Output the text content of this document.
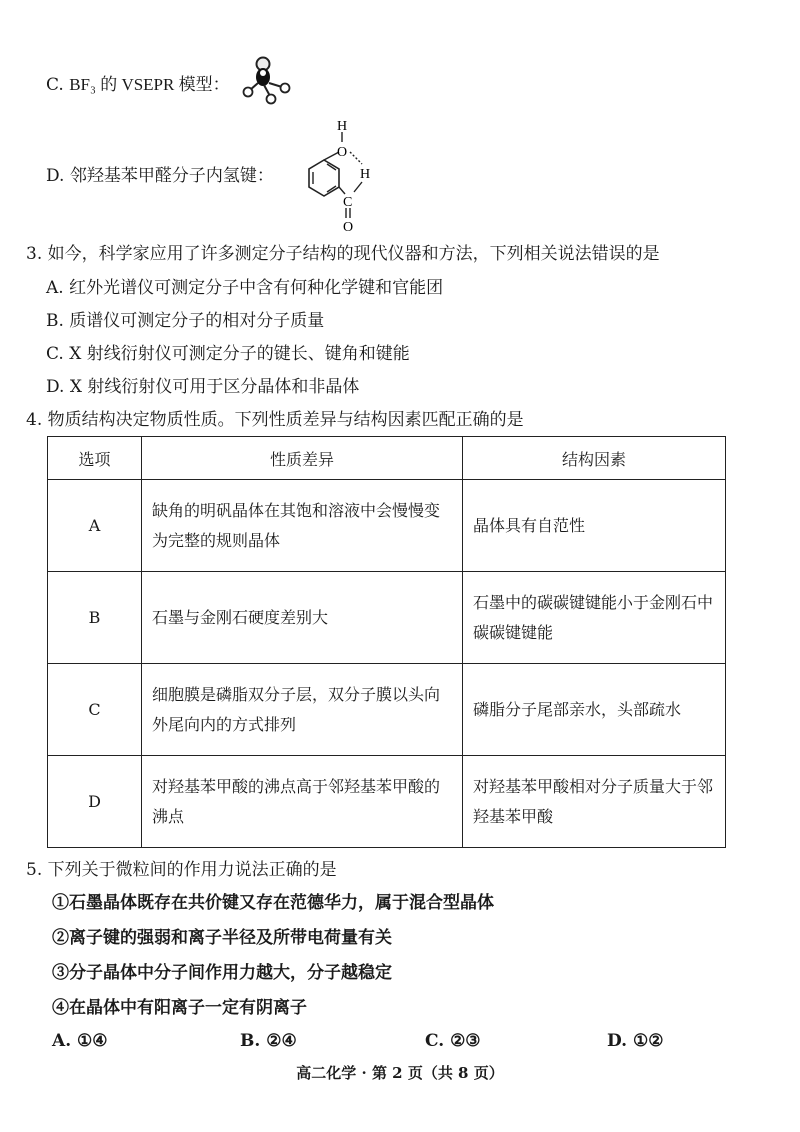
C. BF₃ 的 VSEPR 模型：
D. 邻羟基苯甲醛分子内氢键：
O
H
C
H
O
3. 如今，科学家应用了许多测定分子结构的现代仪器和方法，下列相关说法错误的是
A. 红外光谱仪可测定分子中含有何种化学键和官能团
B. 质谱仪可测定分子的相对分子质量
C. X 射线衍射仪可测定分子的键长、键角和键能
D. X 射线衍射仪可用于区分晶体和非晶体
4. 物质结构决定物质性质。下列性质差异与结构因素匹配正确的是
选项	性质差异	结构因素
A	缺角的明矾晶体在其饱和溶液中会慢慢变为完整的规则晶体	晶体具有自范性
B	石墨与金刚石硬度差别大	石墨中的碳碳键键能小于金刚石中碳碳键键能
C	细胞膜是磷脂双分子层，双分子膜以头向外尾向内的方式排列	磷脂分子尾部亲水，头部疏水
D	对羟基苯甲酸的沸点高于邻羟基苯甲酸的沸点	对羟基苯甲酸相对分子质量大于邻羟基苯甲酸
5. 下列关于微粒间的作用力说法正确的是
①石墨晶体既存在共价键又存在范德华力，属于混合型晶体
②离子键的强弱和离子半径及所带电荷量有关
③分子晶体中分子间作用力越大，分子越稳定
④在晶体中有阳离子一定有阴离子
A. ①④	B. ②④	C. ②③	D. ①②
高二化学 · 第 2 页（共 8 页）
